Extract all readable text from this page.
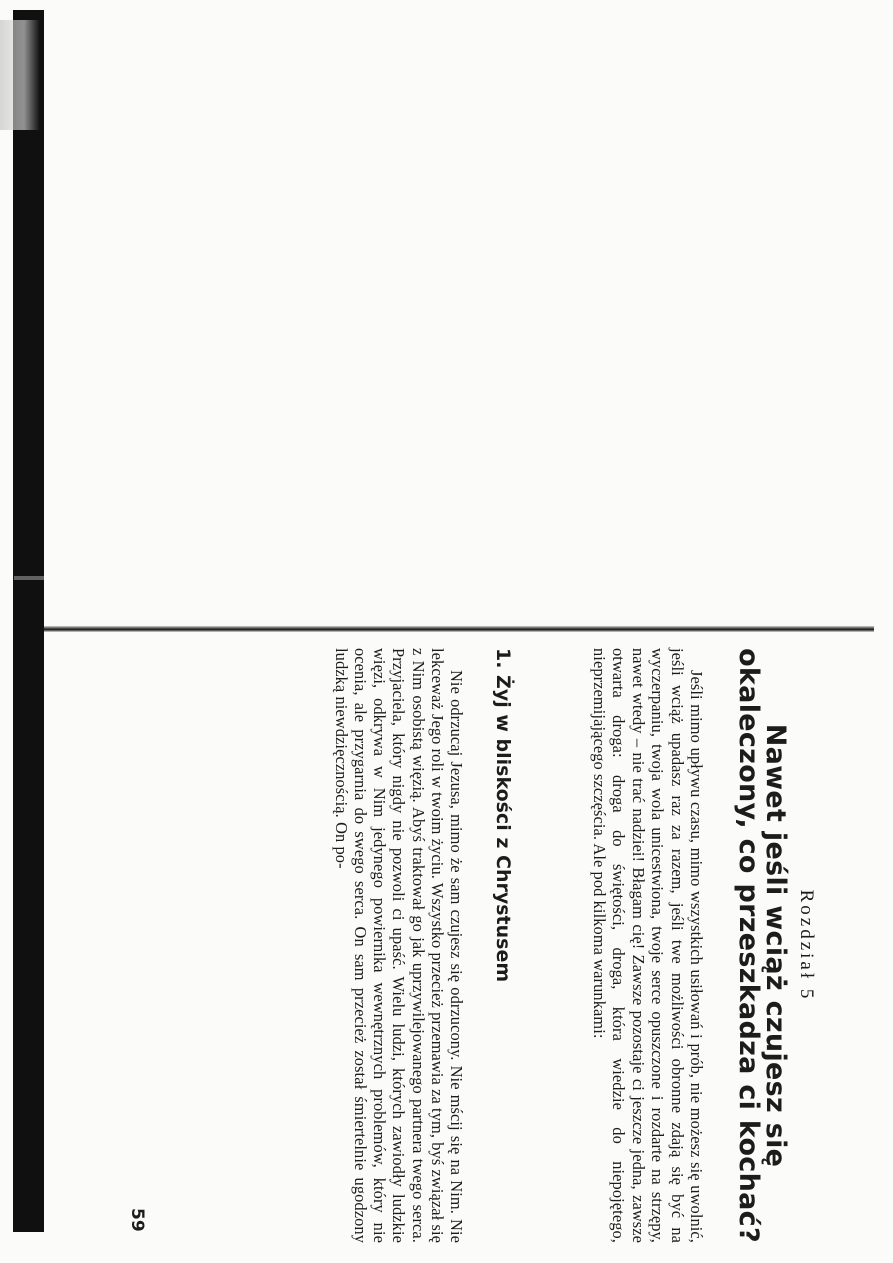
Rozdział 5
Nawet jeśli wciąż czujesz się okaleczony, co przeszkadza ci kochać?

Jeśli mimo upływu czasu, mimo wszystkich usiłowań i prób, nie możesz się uwolnić, jeśli wciąż upadasz raz za razem, jeśli twe możliwości obronne zdają się być na wyczerpaniu, twoja wola unicestwiona, twoje serce opuszczone i rozdarte na strzępy, nawet wtedy – nie trać nadziei! Błagam cię! Zawsze pozostaje ci jeszcze jedna, zawsze otwarta droga: droga do świętości, droga, która wiedzie do niepojętego, nieprzemijającego szczęścia. Ale pod kilkoma warunkami:

1. Żyj w bliskości z Chrystusem

Nie odrzucaj Jezusa, mimo że sam czujesz się odrzucony. Nie mścij się na Nim. Nie lekceważ Jego roli w twoim życiu. Wszystko przecież przemawia za tym, byś związał się z Nim osobistą więzią. Abyś traktował go jak uprzywilejowanego partnera twego serca. Przyjaciela, który nigdy nie pozwoli ci upaść. Wielu ludzi, których zawiodły ludzkie więzi, odkrywa w Nim jedynego powiernika wewnętrznych problemów, który nie ocenia, ale przygarnia do swego serca. On sam przecież został śmiertelnie ugodzony ludzką niewdzięcznością. On po-

59
